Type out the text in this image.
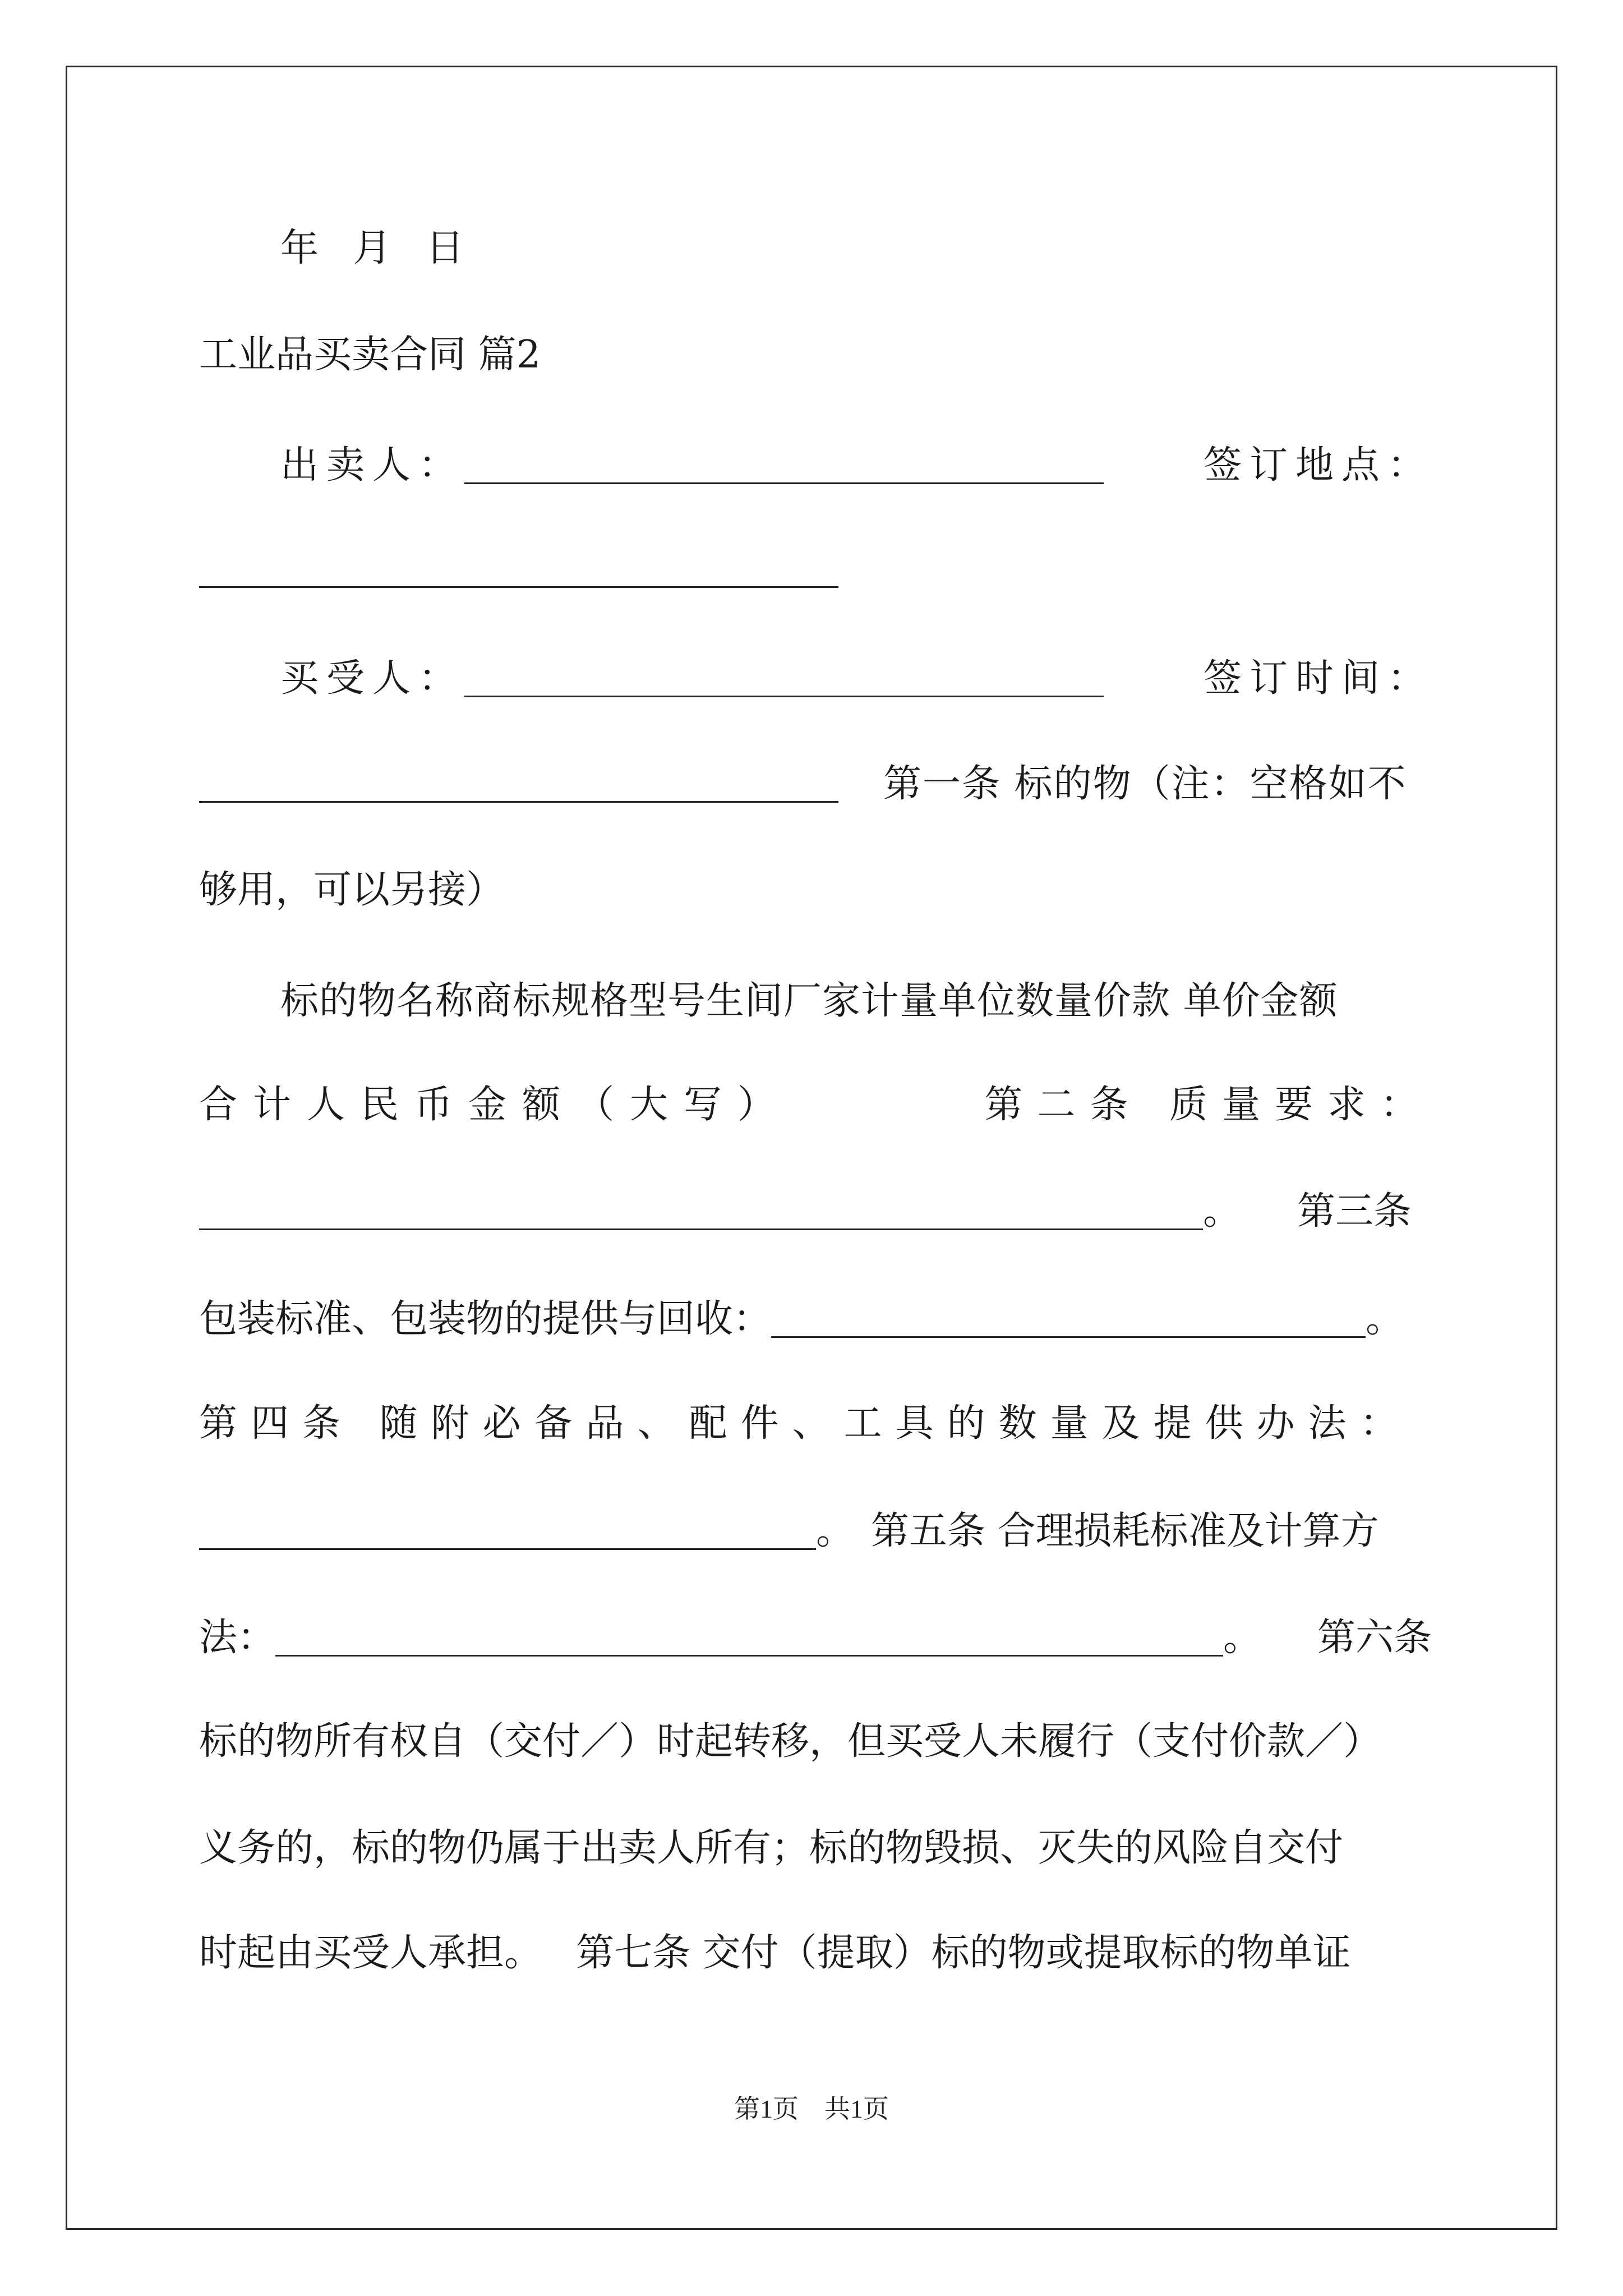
年 月 日
工业品买卖合同 篇2
出卖人：	签订地点：
买受人：	签订时间：
第一条 标的物（注：空格如不
够用，可以另接）
标的物名称商标规格型号生间厂家计量单位数量价款 单价金额
合计人民币金额（大写）	第二条 质量要求：
。 第三条
包装标准、包装物的提供与回收：	。
第四条 随附必备品、配件、工具的数量及提供办法：
。 第五条 合理损耗标准及计算方
法：	。 第六条
标的物所有权自（交付／）时起转移，但买受人未履行（支付价款／）
义务的，标的物仍属于出卖人所有；标的物毁损、灭失的风险自交付
时起由买受人承担。 第七条 交付（提取）标的物或提取标的物单证
第1页　共1页
